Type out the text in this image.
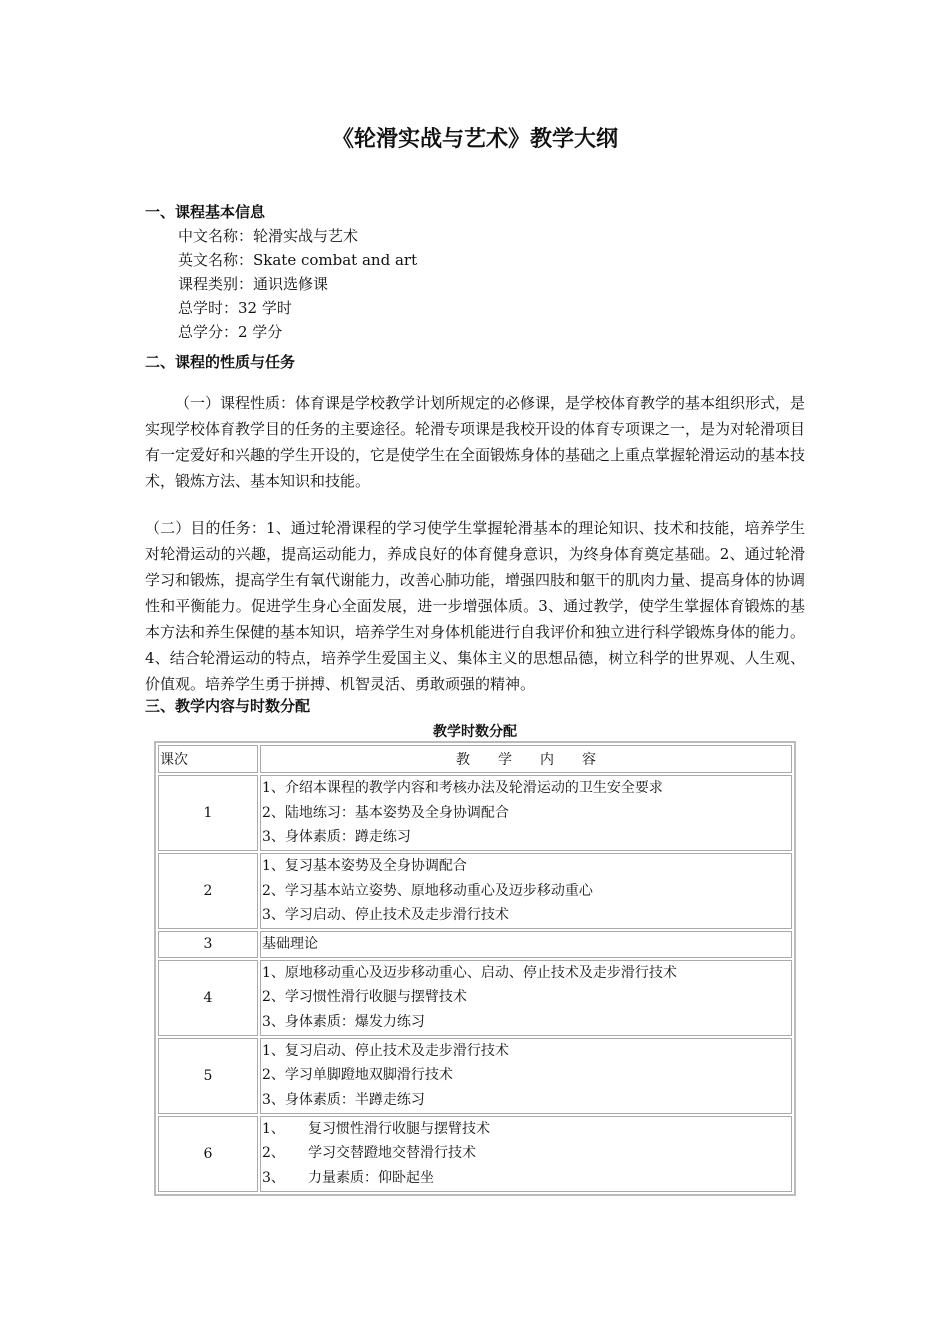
《轮滑实战与艺术》教学大纲
一、课程基本信息
中文名称：轮滑实战与艺术
英文名称：Skate combat and art
课程类别：通识选修课
总学时：32 学时
总学分：2 学分
二、课程的性质与任务
（一）课程性质：体育课是学校教学计划所规定的必修课，是学校体育教学的基本组织形式，是实现学校体育教学目的任务的主要途径。轮滑专项课是我校开设的体育专项课之一，是为对轮滑项目有一定爱好和兴趣的学生开设的，它是使学生在全面锻炼身体的基础之上重点掌握轮滑运动的基本技术，锻炼方法、基本知识和技能。
（二）目的任务：1、通过轮滑课程的学习使学生掌握轮滑基本的理论知识、技术和技能，培养学生对轮滑运动的兴趣，提高运动能力，养成良好的体育健身意识，为终身体育奠定基础。2、通过轮滑学习和锻炼，提高学生有氧代谢能力，改善心肺功能，增强四肢和躯干的肌肉力量、提高身体的协调性和平衡能力。促进学生身心全面发展，进一步增强体质。3、通过教学，使学生掌握体育锻炼的基本方法和养生保健的基本知识，培养学生对身体机能进行自我评价和独立进行科学锻炼身体的能力。4、结合轮滑运动的特点，培养学生爱国主义、集体主义的思想品德，树立科学的世界观、人生观、价值观。培养学生勇于拼搏、机智灵活、勇敢顽强的精神。
三、教学内容与时数分配
教学时数分配
课次	教　　学　　内　　容
1	1、介绍本课程的教学内容和考核办法及轮滑运动的卫生安全要求
2、陆地练习：基本姿势及全身协调配合
3、身体素质：蹲走练习

2	1、复习基本姿势及全身协调配合
2、学习基本站立姿势、原地移动重心及迈步移动重心
3、学习启动、停止技术及走步滑行技术

3	基础理论

4	1、原地移动重心及迈步移动重心、启动、停止技术及走步滑行技术
2、学习惯性滑行收腿与摆臂技术
3、身体素质：爆发力练习

5	1、复习启动、停止技术及走步滑行技术
2、学习单脚蹬地双脚滑行技术
3、身体素质：半蹲走练习

6	1、 复习惯性滑行收腿与摆臂技术
2、 学习交替蹬地交替滑行技术
3、 力量素质：仰卧起坐
